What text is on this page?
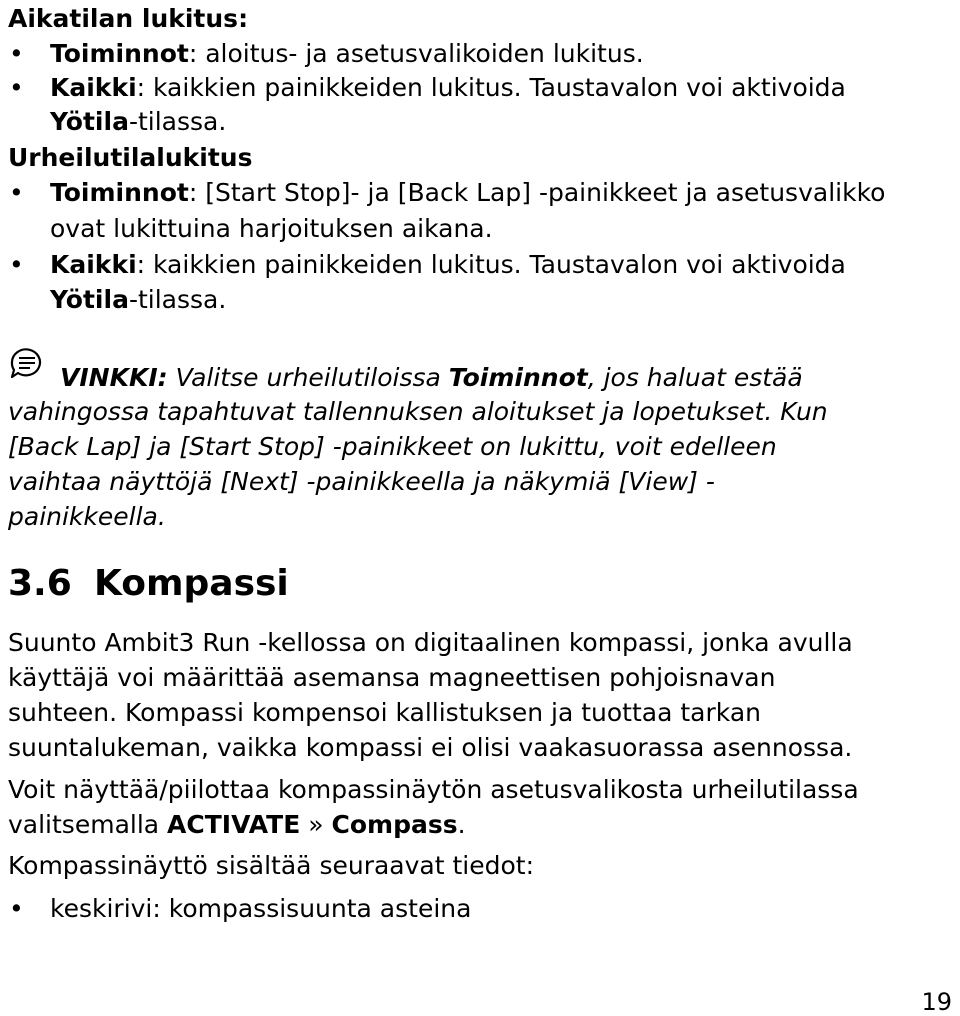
Aikatilan lukitus:
• Toiminnot: aloitus- ja asetusvalikoiden lukitus.
• Kaikki: kaikkien painikkeiden lukitus. Taustavalon voi aktivoida
Yötila-tilassa.
Urheilutilalukitus
• Toiminnot: [Start Stop]- ja [Back Lap] -painikkeet ja asetusvalikko
ovat lukittuina harjoituksen aikana.
• Kaikki: kaikkien painikkeiden lukitus. Taustavalon voi aktivoida
Yötila-tilassa.
VINKKI: Valitse urheilutiloissa Toiminnot, jos haluat estää
vahingossa tapahtuvat tallennuksen aloitukset ja lopetukset. Kun
[Back Lap] ja [Start Stop] -painikkeet on lukittu, voit edelleen
vaihtaa näyttöjä [Next] -painikkeella ja näkymiä [View] -
painikkeella.
3.6 Kompassi
Suunto Ambit3 Run -kellossa on digitaalinen kompassi, jonka avulla
käyttäjä voi määrittää asemansa magneettisen pohjoisnavan
suhteen. Kompassi kompensoi kallistuksen ja tuottaa tarkan
suuntalukeman, vaikka kompassi ei olisi vaakasuorassa asennossa.
Voit näyttää/piilottaa kompassinäytön asetusvalikosta urheilutilassa
valitsemalla ACTIVATE » Compass.
Kompassinäyttö sisältää seuraavat tiedot:
• keskirivi: kompassisuunta asteina
19
